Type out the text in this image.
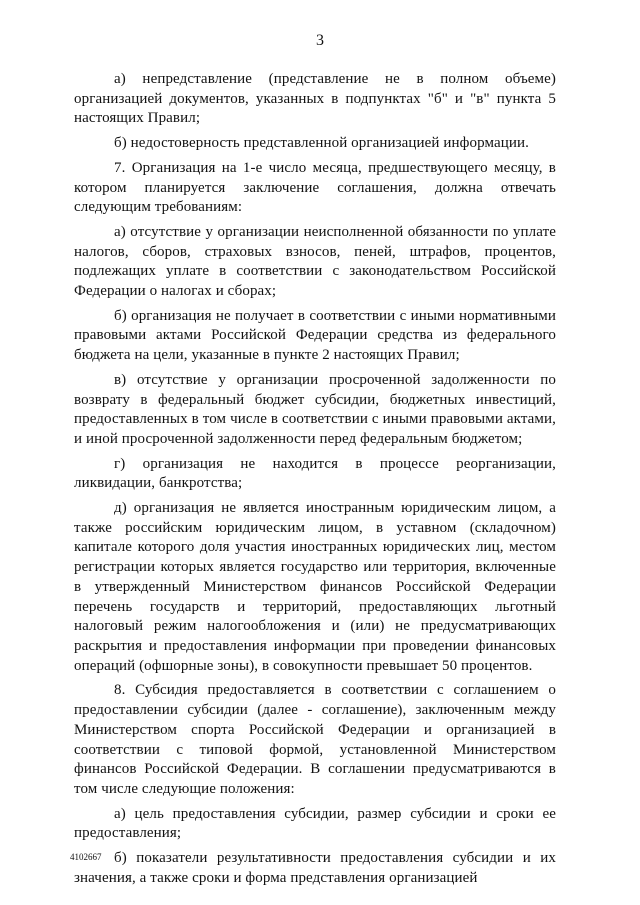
3

а) непредставление (представление не в полном объеме) организацией документов, указанных в подпунктах "б" и "в" пункта 5 настоящих Правил;

б) недостоверность представленной организацией информации.

7. Организация на 1-е число месяца, предшествующего месяцу, в котором планируется заключение соглашения, должна отвечать следующим требованиям:

а) отсутствие у организации неисполненной обязанности по уплате налогов, сборов, страховых взносов, пеней, штрафов, процентов, подлежащих уплате в соответствии с законодательством Российской Федерации о налогах и сборах;

б) организация не получает в соответствии с иными нормативными правовыми актами Российской Федерации средства из федерального бюджета на цели, указанные в пункте 2 настоящих Правил;

в) отсутствие у организации просроченной задолженности по возврату в федеральный бюджет субсидии, бюджетных инвестиций, предоставленных в том числе в соответствии с иными правовыми актами, и иной просроченной задолженности перед федеральным бюджетом;

г) организация не находится в процессе реорганизации, ликвидации, банкротства;

д) организация не является иностранным юридическим лицом, а также российским юридическим лицом, в уставном (складочном) капитале которого доля участия иностранных юридических лиц, местом регистрации которых является государство или территория, включенные в утвержденный Министерством финансов Российской Федерации перечень государств и территорий, предоставляющих льготный налоговый режим налогообложения и (или) не предусматривающих раскрытия и предоставления информации при проведении финансовых операций (офшорные зоны), в совокупности превышает 50 процентов.

8. Субсидия предоставляется в соответствии с соглашением о предоставлении субсидии (далее - соглашение), заключенным между Министерством спорта Российской Федерации и организацией в соответствии с типовой формой, установленной Министерством финансов Российской Федерации. В соглашении предусматриваются в том числе следующие положения:

а) цель предоставления субсидии, размер субсидии и сроки ее предоставления;

б) показатели результативности предоставления субсидии и их значения, а также сроки и форма представления организацией

4102667
